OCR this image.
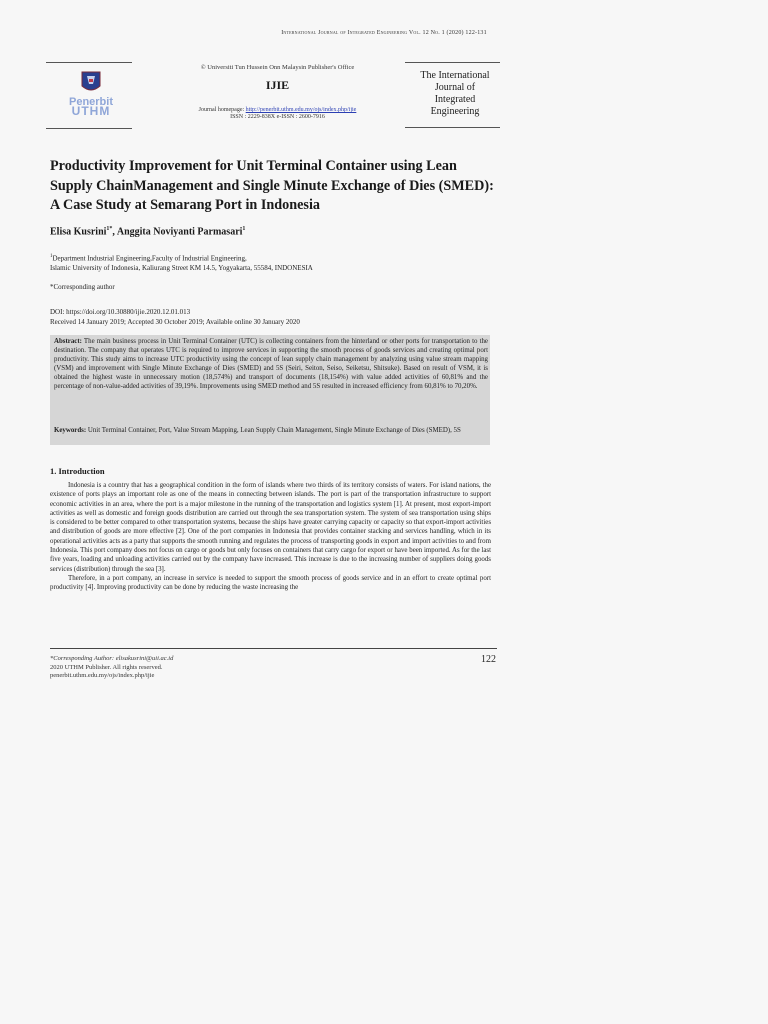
International Journal of Integrated Engineering Vol. 12 No. 1 (2020) 122-131
Penerbit
UTHM
© Universiti Tun Hussein Onn Malaysin Publisher's Office
IJIE
Journal homepage: http://penerbit.uthm.edu.my/ojs/index.php/ijie
ISSN : 2229-838X e-ISSN : 2600-7916
The International
Journal of
Integrated
Engineering
Productivity Improvement for Unit Terminal Container using Lean Supply ChainManagement and Single Minute Exchange of Dies (SMED): A Case Study at Semarang Port in Indonesia
Elisa Kusrini$^{1*}$, Anggita Noviyanti Parmasari$^1$
$^1$Department Industrial Engineering,Faculty of Industrial Engineering,
Islamic University of Indonesia, Kaliurang Street KM 14.5, Yogyakarta, 55584, INDONESIA
*Corresponding author
DOI: https://doi.org/10.30880/ijie.2020.12.01.013
Received 14 January 2019; Accepted 30 October 2019; Available online 30 January 2020
Abstract: The main business process in Unit Terminal Container (UTC) is collecting containers from the hinterland or other ports for transportation to the destination. The company that operates UTC is required to improve services in supporting the smooth process of goods services and creating optimal port productivity. This study aims to increase UTC productivity using the concept of lean supply chain management by analyzing using value stream mapping (VSM) and improvement with Single Minute Exchange of Dies (SMED) and 5S (Seiri, Seiton, Seiso, Seiketsu, Shitsuke). Based on result of VSM, it is obtained the highest waste in unnecessary motion (18,574%) and transport of documents (18,154%) with value added activities of 60,81% and the percentage of non-value-added activities of 39,19%. Improvements using SMED method and 5S resulted in increased efficiency from 60,81% to 70,20%.
Keywords: Unit Terminal Container, Port, Value Stream Mapping, Lean Supply Chain Management, Single Minute Exchange of Dies (SMED), 5S
1. Introduction

Indonesia is a country that has a geographical condition in the form of islands where two thirds of its territory consists of waters. For island nations, the existence of ports plays an important role as one of the means in connecting between islands. The port is part of the transportation infrastructure to support economic activities in an area, where the port is a major milestone in the running of the transportation and logistics system [1]. At present, most export-import activities as well as domestic and foreign goods distribution are carried out through the sea transportation system. The system of sea transportation using ships is considered to be better compared to other transportation systems, because the ships have greater carrying capacity or capacity so that export-import activities and distribution of goods are more effective [2]. One of the port companies in Indonesia that provides container stacking and services handling, which in its operational activities acts as a party that supports the smooth running and regulates the process of transporting goods in export and import activities to and from Indonesia. This port company does not focus on cargo or goods but only focuses on containers that carry cargo for export or have been imported. As for the last five years, loading and unloading activities carried out by the company have increased. This increase is due to the increasing number of suppliers doing goods services (distribution) through the sea [3].

Therefore, in a port company, an increase in service is needed to support the smooth process of goods service and in an effort to create optimal port productivity [4]. Improving productivity can be done by reducing the waste increasing the

*Corresponding Author: elisakusrini@uii.ac.id
2020 UTHM Publisher. All rights reserved.
penerbit.uthm.edu.my/ojs/index.php/ijie
122
